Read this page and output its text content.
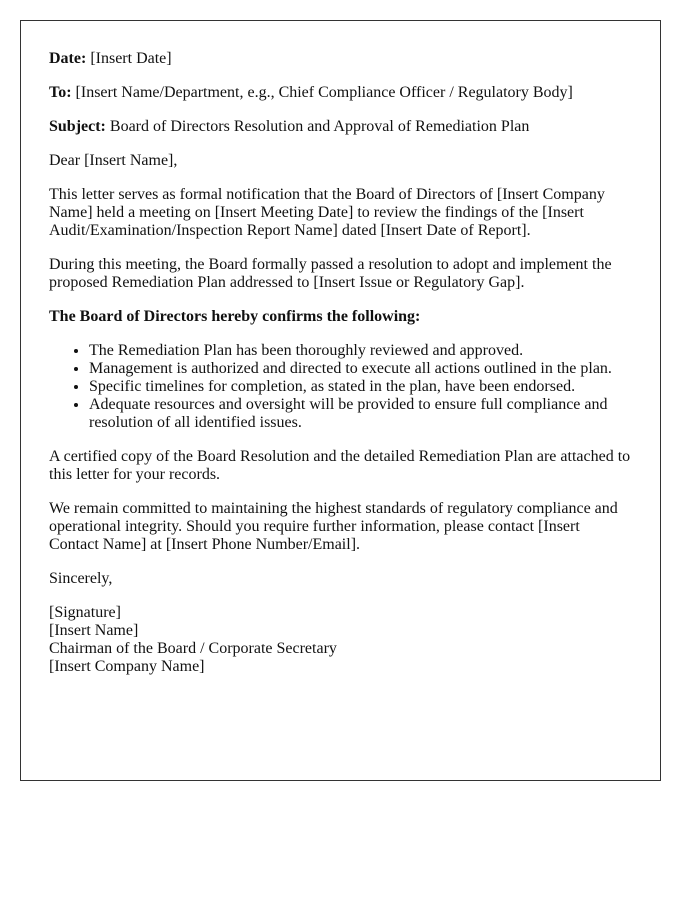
Date: [Insert Date]

To: [Insert Name/Department, e.g., Chief Compliance Officer / Regulatory Body]

Subject: Board of Directors Resolution and Approval of Remediation Plan

Dear [Insert Name],

This letter serves as formal notification that the Board of Directors of [Insert Company Name] held a meeting on [Insert Meeting Date] to review the findings of the [Insert Audit/Examination/Inspection Report Name] dated [Insert Date of Report].

During this meeting, the Board formally passed a resolution to adopt and implement the proposed Remediation Plan addressed to [Insert Issue or Regulatory Gap].

The Board of Directors hereby confirms the following:

• The Remediation Plan has been thoroughly reviewed and approved.
• Management is authorized and directed to execute all actions outlined in the plan.
• Specific timelines for completion, as stated in the plan, have been endorsed.
• Adequate resources and oversight will be provided to ensure full compliance and resolution of all identified issues.

A certified copy of the Board Resolution and the detailed Remediation Plan are attached to this letter for your records.

We remain committed to maintaining the highest standards of regulatory compliance and operational integrity. Should you require further information, please contact [Insert Contact Name] at [Insert Phone Number/Email].

Sincerely,

[Signature]
[Insert Name]
Chairman of the Board / Corporate Secretary
[Insert Company Name]
